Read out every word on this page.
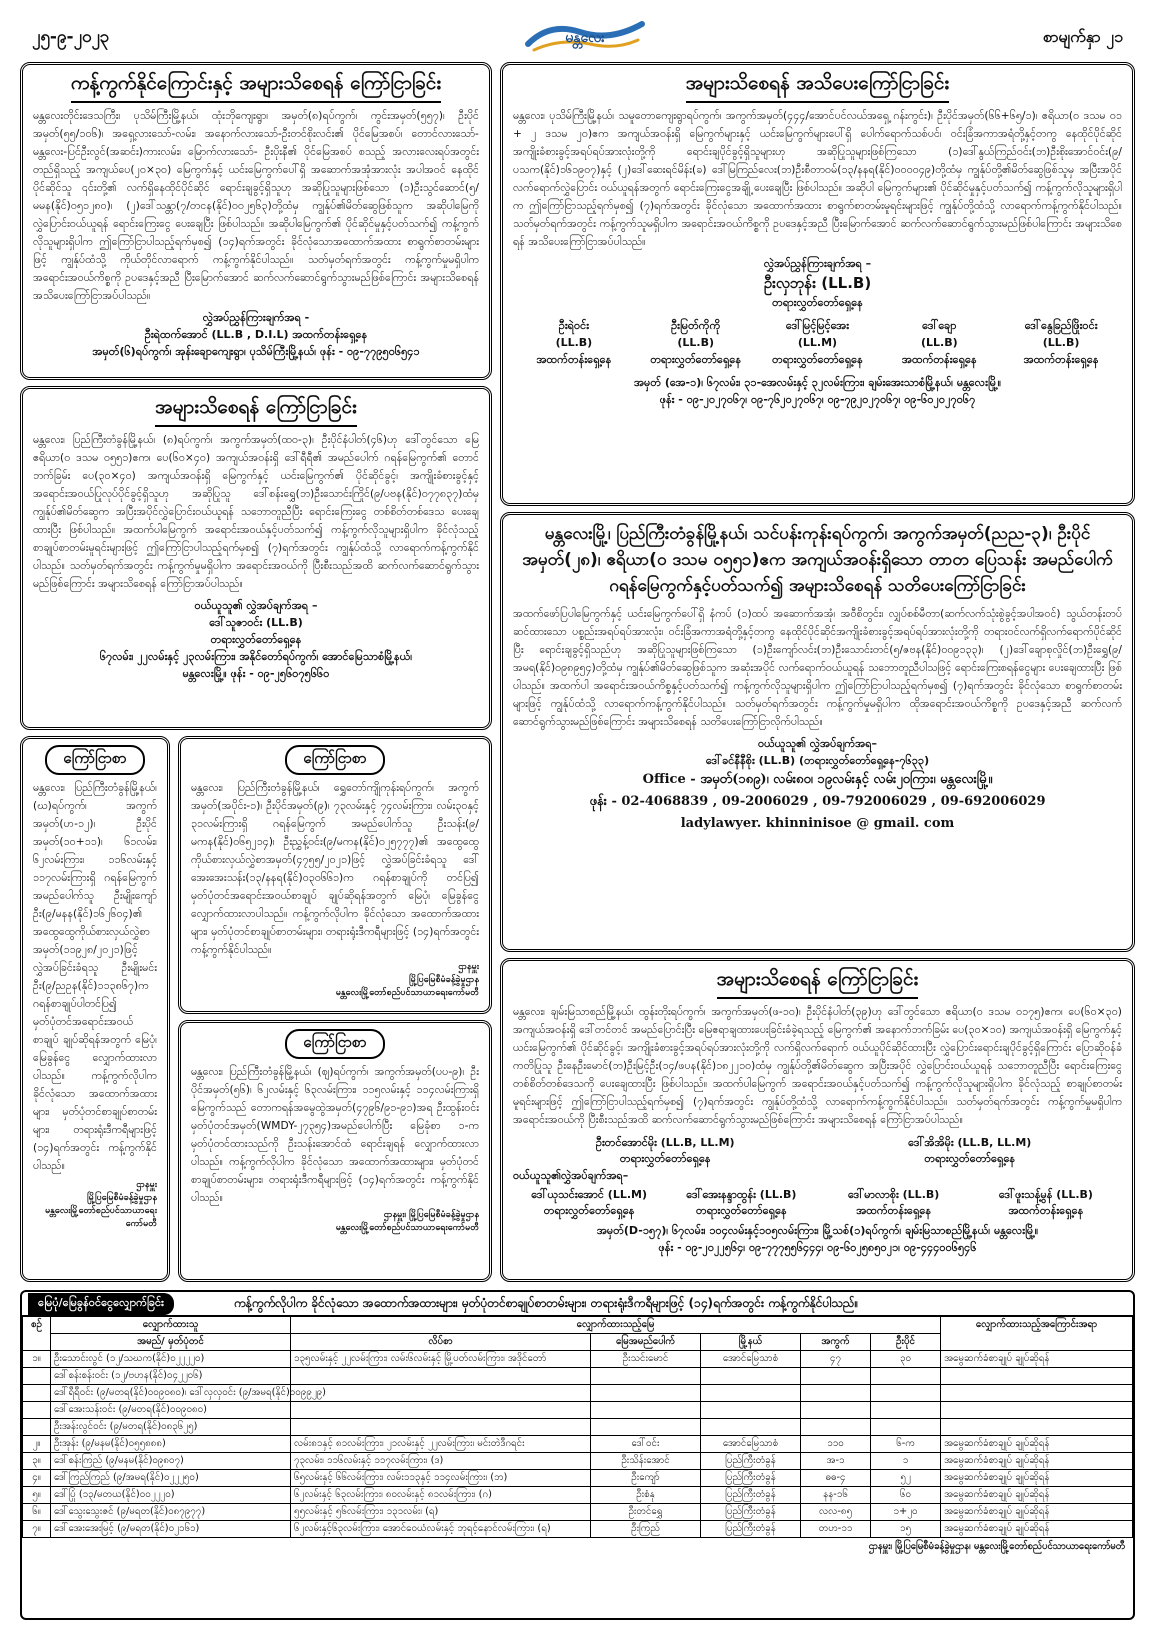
၂၅-၉-၂၀၂၃	မန္တလေး	စာမျက်နှာ ၂၁
ကန့်ကွက်နိုင်ကြောင်းနှင့် အများသိစေရန် ကြော်ငြာခြင်း
မန္တလေးတိုင်းဒေသကြီး၊ ပုသိမ်ကြီးမြို့နယ်၊ ထုံးဘိုကျေးရွာ၊ အမှတ်(၈)ရပ်ကွက်၊ ကွင်းအမှတ်(၅၅၇)၊ ဦးပိုင်အမှတ်(၅၅/၁၀၆)၊ အရှေ့လားသော်-လမ်း၊ အနောက်လားသော်-ဦးတင်စိုးလင်း၏ ပိုင်မြေအစပ်၊ တောင်လားသော်-မန္တလေး-ပြင်ဦးလွင်(အဆင်း)ကားလမ်း၊ မြောက်လားသော်- ဦးပိုးနီ၏ ပိုင်မြေအစပ် စသည့် အလားလေးရပ်အတွင်း တည်ရှိသည့် အကျယ်ပေ(၂၀×၃၀) မြေကွက်နှင့် ယင်းမြေကွက်ပေါ်ရှိ အဆောက်အအုံအားလုံး အပါအဝင် နေထိုင်ပိုင်ဆိုင်သူ ၎င်းတို့၏ လက်ရှိနေထိုင်ပိုင်ဆိုင် ရောင်းချခွင့်ရှိသူဟု အဆိုပြုသူများဖြစ်သော (၁)ဦးသွင်ဆောင်(၅/မမန(နိုင်)၀၅၁၂၈၀)၊ (၂)ဒေါ်သန္တာ(၇/တငန(နိုင်)၀၀၂၅၆၃)တို့ထံမှ ကျွန်ုပ်၏မိတ်ဆွေဖြစ်သူက အဆိုပါမြေကို လွှဲပြောင်းဝယ်ယူရန် ရောင်းကြေးငွေ ပေးချေပြီး ဖြစ်ပါသည်။ အဆိုပါမြေကွက်၏ ပိုင်ဆိုင်မှုနှင့်ပတ်သက်၍ ကန့်ကွက်လိုသူများရှိပါက ဤကြော်ငြာပါသည့်ရက်မှစ၍ (၁၄)ရက်အတွင်း ခိုင်လုံသောအထောက်အထား စာရွက်စာတမ်းများဖြင့် ကျွန်ုပ်ထံသို့ ကိုယ်တိုင်လာရောက် ကန့်ကွက်နိုင်ပါသည်။ သတ်မှတ်ရက်အတွင်း ကန့်ကွက်မှုမရှိပါက အရောင်းအဝယ်ကိစ္စကို ဥပဒေနှင့်အညီ ပြီးမြောက်အောင် ဆက်လက်ဆောင်ရွက်သွားမည်ဖြစ်ကြောင်း အများသိစေရန် အသိပေးကြော်ငြာအပ်ပါသည်။
လွှဲအပ်ညွှန်ကြားချက်အရ -
ဦးရဲထက်အောင် (LL.B , D.I.L) အထက်တန်းရှေ့နေ
အမှတ်(၆)ရပ်ကွက်၊ အုန်းချောကျေးရွာ၊ ပုသိမ်ကြီးမြို့နယ်၊ ဖုန်း - ၀၉-၇၇၉၅၀၆၅၄၁
အများသိစေရန် အသိပေးကြော်ငြာခြင်း
မန္တလေး၊ ပုသိမ်ကြီးမြို့နယ်၊ သမူတောကျေးရွာရပ်ကွက်၊ အကွက်အမှတ်(၄၄၄/အောင်ပင်လယ်အရှေ့ ဂန်းကွင်း)၊ ဦးပိုင်အမှတ်(၆၆+၆၅/၁)၊ ဧရိယာ(၀ ဒသမ ၀၁ + ၂ ဒသမ ၂၀)ဧက အကျယ်အဝန်းရှိ မြေကွက်များနှင့် ယင်းမြေကွက်များပေါ်ရှိ ပေါက်ရောက်သစ်ပင်၊ ဝင်းခြံအကာအရံတို့နှင့်တကွ နေထိုင်ပိုင်ဆိုင် အကျိုးခံစားခွင့်အရပ်ရပ်အားလုံးတို့ကို ရောင်းချပိုင်ခွင့်ရှိသူများဟု အဆိုပြုသူများဖြစ်ကြသော (၁)ဒေါ်နွယ်ကြည်ဝင်း(ဘ)ဦးစိုးအောင်ဝင်း(၉/ပသက(နိုင်)၁၆၁၉၀၇)နှင့် (၂)ဒေါ်ဆေးရင်မိန်း(ခ) ဒေါ်မြကြည်လေး(ဘ)ဦးစီတာဝမ်(၁၃/နနရ(နိုင်)၀၀၀၀၄၉)တို့ထံမှ ကျွန်ုပ်တို့၏မိတ်ဆွေဖြစ်သူမှ အပြီးအပိုင်လက်ရောက်လွှဲပြောင်း ဝယ်ယူရန်အတွက် ရောင်းကြေးငွေအချို့ ပေးချေပြီး ဖြစ်ပါသည်။ အဆိုပါ မြေကွက်များ၏ ပိုင်ဆိုင်မှုနှင့်ပတ်သက်၍ ကန့်ကွက်လိုသူများရှိပါက ဤကြော်ငြာသည့်ရက်မှစ၍ (၇)ရက်အတွင်း ခိုင်လုံသော အထောက်အထား စာရွက်စာတမ်းမူရင်းများဖြင့် ကျွန်ုပ်တို့ထံသို့ လာရောက်ကန့်ကွက်နိုင်ပါသည်။ သတ်မှတ်ရက်အတွင်း ကန့်ကွက်သူမရှိပါက အရောင်းအဝယ်ကိစ္စကို ဥပဒေနှင့်အညီ ပြီးမြောက်အောင် ဆက်လက်ဆောင်ရွက်သွားမည်ဖြစ်ပါကြောင်း အများသိစေရန် အသိပေးကြော်ငြာအပ်ပါသည်။
လွှဲအပ်ညွှန်ကြားချက်အရ –
ဦးလှဘုန်း (LL.B)
တရားလွှတ်တော်ရှေ့နေ
ဦးရဲဝင်း	ဦးမြတ်ကိုကို	ဒေါ်မြင့်မြင့်အေး	ဒေါ်ချော	ဒေါ်နွေခြည်ဖြိုးဝင်း
(LL.B)	(LL.B)	(LL.M)	(LL.B)	(LL.B)
အထက်တန်းရှေ့နေ	တရားလွှတ်တော်ရှေ့နေ	တရားလွှတ်တော်ရှေ့နေ	အထက်တန်းရှေ့နေ	အထက်တန်းရှေ့နေ
အမှတ် (အေ-၁)၊ ၆၇လမ်း၊ ၃၁-အေလမ်းနှင့် ၃၂လမ်းကြား၊ ချမ်းအေးသာစံမြို့နယ်၊ မန္တလေးမြို့။
ဖုန်း - ၀၉-၂၀၂၇၀၆၇၊ ၀၉-၇၆၂၀၂၇၀၆၇၊ ၀၉-၇၉၂၀၂၇၀၆၇၊ ၀၉-၆၀၂၀၂၇၀၆၇
အများသိစေရန် ကြော်ငြာခြင်း
မန္တလေး၊ ပြည်ကြီးတံခွန်မြို့နယ်၊ (၈)ရပ်ကွက်၊ အကွက်အမှတ်(ထဝ-၃)၊ ဦးပိုင်နံပါတ်(၄၆)ဟု ဒေါ်တွင်သော မြေဧရိယာ(၀ ဒသမ ၀၅၅၁)ဧက၊ ပေ(၆၀×၄၀) အကျယ်အဝန်းရှိ ဒေါ်ရီရီ၏ အမည်ပေါက် ဂရန်မြေကွက်၏ တောင်ဘက်ခြမ်း ပေ(၃၀×၄၀) အကျယ်အဝန်းရှိ မြေကွက်နှင့် ယင်းမြေကွက်၏ ပိုင်ဆိုင်ခွင့်၊ အကျိုးခံစားခွင့်နှင့် အရောင်းအဝယ်ပြုလုပ်ပိုင်ခွင့်ရှိသူဟု အဆိုပြုသူ ဒေါ်စန်းရွှေ(ဘ)ဦးသောင်းကြိုင်(၉/ပဗန(နိုင်)၀၇၇၈၃၇)ထံမှ ကျွန်ုပ်၏မိတ်ဆွေက အပြီးအပိုင်လွှဲပြောင်းဝယ်ယူရန် သဘောတူညီပြီး ရောင်းကြေးငွေ တစ်စိတ်တစ်ဒေသ ပေးချေထားပြီး ဖြစ်ပါသည်။ အထက်ပါမြေကွက် အရောင်းအဝယ်နှင့်ပတ်သက်၍ ကန့်ကွက်လိုသူများရှိပါက ခိုင်လုံသည့် စာချုပ်စာတမ်းမူရင်းများဖြင့် ဤကြော်ငြာပါသည့်ရက်မှစ၍ (၇)ရက်အတွင်း ကျွန်ုပ်ထံသို့ လာရောက်ကန့်ကွက်နိုင်ပါသည်။ သတ်မှတ်ရက်အတွင်း ကန့်ကွက်မှုမရှိပါက အရောင်းအဝယ်ကို ပြီးစီးသည်အထိ ဆက်လက်ဆောင်ရွက်သွားမည်ဖြစ်ကြောင်း အများသိစေရန် ကြော်ငြာအပ်ပါသည်။
ဝယ်ယူသူ၏ လွှဲအပ်ချက်အရ –
ဒေါ်သူဇာဝင်း (LL.B)
တရားလွှတ်တော်ရှေ့နေ
၆၇လမ်း၊ ၂၂လမ်းနှင့် ၂၃လမ်းကြား၊ အနိုင်တော်ရပ်ကွက်၊ အောင်မြေသာစံမြို့နယ်၊
မန္တလေးမြို့။ ဖုန်း - ၀၉-၂၅၆၀၇၅၆၆၀
မန္တလေးမြို့၊ ပြည်ကြီးတံခွန်မြို့နယ်၊ သင်ပန်းကုန်းရပ်ကွက်၊ အကွက်အမှတ်(ညည-၃)၊ ဦးပိုင်အမှတ်(၂၈)၊ ဧရိယာ(၀ ဒသမ ၀၅၅၁)ဧက အကျယ်အဝန်းရှိသော တာတ ပြေသန်း အမည်ပေါက် ဂရန်မြေကွက်နှင့်ပတ်သက်၍ အများသိစေရန် သတိပေးကြော်ငြာခြင်း
အထက်ဖော်ပြပါမြေကွက်နှင့် ယင်းမြေကွက်ပေါ်ရှိ နံကပ် (၁)ထပ် အဆောက်အအုံ၊ အဝီစိတွင်း၊ လျှပ်စစ်မီတာ(ဆက်လက်သုံးစွဲခွင့်အပါအဝင်) သွယ်တန်းတပ်ဆင်ထားသော ပစ္စည်းအရပ်ရပ်အားလုံး၊ ဝင်းခြံအကာအရံတို့နှင့်တကွ နေထိုင်ပိုင်ဆိုင်အကျိုးခံစားခွင့်အရပ်ရပ်အားလုံးတို့ကို တရားဝင်လက်ရှိလက်ရောက်ပိုင်ဆိုင်ပြီး ရောင်းချခွင့်ရှိသည်ဟု အဆိုပြုသူများဖြစ်ကြသော (၁)ဦးကျော်လင်း(ဘ)ဦးသောင်းတင်(၅/ဇဗန(နိုင်)၀၀၉၁၃၃)၊ (၂)ဒေါ်ချောစုလှိုင်(ဘ)ဦးရွှေ(၉/အမရ(နိုင်)၀၉၈၉၅၄)တို့ထံမှ ကျွန်ုပ်၏မိတ်ဆွေဖြစ်သူက အဆုံးအပိုင် လက်ရောက်ဝယ်ယူရန် သဘောတူညီပါသဖြင့် ရောင်းကြေးစရန်ငွေများ ပေးချေထားပြီး ဖြစ်ပါသည်။ အထက်ပါ အရောင်းအဝယ်ကိစ္စနှင့်ပတ်သက်၍ ကန့်ကွက်လိုသူများရှိပါက ဤကြော်ငြာပါသည့်ရက်မှစ၍ (၇)ရက်အတွင်း ခိုင်လုံသော စာရွက်စာတမ်းများဖြင့် ကျွန်ုပ်ထံသို့ လာရောက်ကန့်ကွက်နိုင်ပါသည်။ သတ်မှတ်ရက်အတွင်း ကန့်ကွက်မှုမရှိပါက ထိုအရောင်းအဝယ်ကိစ္စကို ဥပဒေနှင့်အညီ ဆက်လက်ဆောင်ရွက်သွားမည်ဖြစ်ကြောင်း အများသိစေရန် သတိပေးကြော်ငြာလိုက်ပါသည်။
ဝယ်ယူသူ၏ လွှဲအပ်ချက်အရ–
ဒေါ်ခင်နီနီစိုး (LL.B) (တရားလွှတ်တော်ရှေ့နေ-၇၆၃၃)
Office - အမှတ်(၁၈၉)၊ လမ်း၈၀၊ ၁၉လမ်းနှင့် လမ်း၂၀ကြား၊ မန္တလေးမြို့။
ဖုန်း - 02-4068839 , 09-2006029 , 09-792006029 , 09-692006029
ladylawyer. khinninisoe @ gmail. com
ကြော်ငြာစာ
မန္တလေး၊ ပြည်ကြီးတံခွန်မြို့နယ်၊ (ဃ)ရပ်ကွက်၊ အကွက်အမှတ်(ဟ-၁၂)၊ ဦးပိုင်အမှတ်(၁၀+၁၁)၊ ၆၁လမ်း၊ ၆၂လမ်းကြား၊ ၁၁၆လမ်းနှင့် ၁၁၇လမ်းကြားရှိ ဂရန်မြေကွက် အမည်ပေါက်သူ ဦးမျိုးကျော်ဦး(၉/မနန(နိုင်)၁၆၂၆၀၄)၏ အထွေထွေကိုယ်စားလှယ်လွှဲစာအမှတ်(၁၁၉၂၈/၂၀၂၁)ဖြင့် လွှဲအပ်ခြင်းခံရသူ ဦးမျိုးမင်းဦး(၉/ညဥန(နိုင်)၁၁၃၈၆၇)က ဂရန်စာချုပ်ပါတင်ပြ၍ မှတ်ပုံတင်အရောင်းအဝယ်စာချုပ် ချုပ်ဆိုရန်အတွက် မြေပုံ၊ မြေခွန်ငွေ လျှောက်ထားလာပါသည်။ ကန့်ကွက်လိုပါက ခိုင်လုံသော အထောက်အထားများ၊ မှတ်ပုံတင်စာချုပ်စာတမ်းများ၊ တရားရုံးဒီကရီများဖြင့် (၁၄)ရက်အတွင်း ကန့်ကွက်နိုင်ပါသည်။
ဌာနမှူး
မြို့ပြမြေစီမံခန့်ခွဲမှုဌာန
မန္တလေးမြို့တော်စည်ပင်သာယာရေးကော်မတီ
ကြော်ငြာစာ
မန္တလေး၊ ပြည်ကြီးတံခွန်မြို့နယ်၊ ရွှေတော်ကျိုကုန်းရပ်ကွက်၊ အကွက်အမှတ်(အပိုင်း-၁)၊ ဦးပိုင်အမှတ်(၉)၊ ၇၃လမ်းနှင့် ၇၄လမ်းကြား၊ လမ်း၃၀နှင့် ၃၁လမ်းကြားရှိ ဂရန်မြေကွက် အမည်ပေါက်သူ ဦးသန်း(၉/မကန(နိုင်)၀၆၅၂၁၄)၊ ဦးညွှန့်ဝင်း(၉/မကန(နိုင်)၀၂၅၇၇၇)၏ အထွေထွေကိုယ်စားလှယ်လွှဲစာအမှတ်(၄၇၅၅/၂၀၂၁)ဖြင့် လွှဲအပ်ခြင်းခံရသူ ဒေါ်အေးအေးသန်း(၁၃/နနရ(နိုင်)၀၃၀၆၆၁)က ဂရန်စာချုပ်ကို တင်ပြ၍ မှတ်ပုံတင်အရောင်းအဝယ်စာချုပ် ချုပ်ဆိုရန်အတွက် မြေပုံ၊ မြေခွန်ငွေ လျှောက်ထားလာပါသည်။ ကန့်ကွက်လိုပါက ခိုင်လုံသော အထောက်အထားများ၊ မှတ်ပုံတင်စာချုပ်စာတမ်းများ၊ တရားရုံးဒီကရီများဖြင့် (၁၄)ရက်အတွင်း ကန့်ကွက်နိုင်ပါသည်။
ဌာနမှူး
မြို့ပြမြေစီမံခန့်ခွဲမှုဌာန
မန္တလေးမြို့တော်စည်ပင်သာယာရေးကော်မတီ
ကြော်ငြာစာ
မန္တလေး၊ ပြည်ကြီးတံခွန်မြို့နယ်၊ (ဈ)ရပ်ကွက်၊ အကွက်အမှတ်(ပပ-၉)၊ ဦးပိုင်အမှတ်(၅၆)၊ ၆၂လမ်းနှင့် ၆၃လမ်းကြား၊ ၁၁၅လမ်းနှင့် ၁၁၄လမ်းကြားရှိ မြေကွက်သည် တောကရန်အမွေထွဲအမှတ်(၄၇၉၆/၉၁-၉၁)အရ ဦးထွန်းဝင်း မှတ်ပုံတင်အမှတ်(WMDY-၂၇၃၅၄)အမည်ပေါက်ပြီး မြေခုံစာ ၁-က မှတ်ပုံတင်ထားသည်ကို ဦးသန်းအောင်ထံ ရောင်းချရန် လျှောက်ထားလာပါသည်။ ကန့်ကွက်လိုပါက ခိုင်လုံသော အထောက်အထားများ၊ မှတ်ပုံတင်စာချုပ်စာတမ်းများ၊ တရားရုံးဒီကရီများဖြင့် (၁၄)ရက်အတွင်း ကန့်ကွက်နိုင်ပါသည်။
ဌာနမှူး၊ မြို့ပြမြေစီမံခန့်ခွဲမှုဌာန
မန္တလေးမြို့တော်စည်ပင်သာယာရေးကော်မတီ
အများသိစေရန် ကြော်ငြာခြင်း
မန္တလေး၊ ချမ်းမြသာစည်မြို့နယ်၊ ထွန်းတိုးရပ်ကွက်၊ အကွက်အမှတ်(ဖ-၁၀)၊ ဦးပိုင်နံပါတ်(၃၉)ဟု ဒေါ်တွင်သော ဧရိယာ(၀ ဒသမ ၀၁၇၅)ဧက၊ ပေ(၆၀×၃၀) အကျယ်အဝန်းရှိ ဒေါ်တင်တင် အမည်ပြောင်းပြီး မြေဧရာချထားပေးခြင်းခံခဲ့ရသည့် မြေကွက်၏ အနောက်ဘက်ခြမ်း ပေ(၃၀×၁၀) အကျယ်အဝန်းရှိ မြေကွက်နှင့် ယင်းမြေကွက်၏ ပိုင်ဆိုင်ခွင့်၊ အကျိုးခံစားခွင့်အရပ်ရပ်အားလုံးတို့ကို လက်ရှိလက်ရောက် ဝယ်ယူပိုင်ဆိုင်ထားပြီး လွှဲပြောင်းရောင်းချပိုင်ခွင့်ရှိကြောင်း ပြောဆိုဝန်ခံကတိပြုသူ ဦးနေဦးမောင်(ဘ)ဦးမြင့်ဦး(၁၄/ဖပန(နိုင်)၁၈၂၂၁၀)ထံမှ ကျွန်ုပ်တို့၏မိတ်ဆွေက အပြီးအပိုင် လွှဲပြောင်းဝယ်ယူရန် သဘောတူညီပြီး ရောင်းကြေးငွေ တစ်စိတ်တစ်ဒေသကို ပေးချေထားပြီး ဖြစ်ပါသည်။ အထက်ပါမြေကွက် အရောင်းအဝယ်နှင့်ပတ်သက်၍ ကန့်ကွက်လိုသူများရှိပါက ခိုင်လုံသည့် စာချုပ်စာတမ်းမူရင်းများဖြင့် ဤကြော်ငြာပါသည့်ရက်မှစ၍ (၇)ရက်အတွင်း ကျွန်ုပ်တို့ထံသို့ လာရောက်ကန့်ကွက်နိုင်ပါသည်။ သတ်မှတ်ရက်အတွင်း ကန့်ကွက်မှုမရှိပါက အရောင်းအဝယ်ကို ပြီးစီးသည်အထိ ဆက်လက်ဆောင်ရွက်သွားမည်ဖြစ်ကြောင်း အများသိစေရန် ကြော်ငြာအပ်ပါသည်။
ဦးတင်အောင်မိုး (LL.B, LL.M)	ဒေါ်အိအိမိုး (LL.B, LL.M)
တရားလွှတ်တော်ရှေ့နေ	တရားလွှတ်တော်ရှေ့နေ
ဝယ်ယူသူ၏လွှဲအပ်ချက်အရ–
ဒေါ်ယုသင်းအောင် (LL.M)	ဒေါ်အေးနန္ဒာထွန်း (LL.B)	ဒေါ်မာလာစိုး (LL.B)	ဒေါ်ဖူးသန့်မွန် (LL.B)
တရားလွှတ်တော်ရှေ့နေ	တရားလွှတ်တော်ရှေ့နေ	အထက်တန်းရှေ့နေ	အထက်တန်းရှေ့နေ
အမှတ်(D-၁၅၇)၊ ၆၇လမ်း၊ ၁၀၄လမ်းနှင့်၁၀၅လမ်းကြား၊ မြို့သစ်(၁)ရပ်ကွက်၊ ချမ်းမြသာစည်မြို့နယ်၊ မန္တလေးမြို့။
ဖုန်း - ၀၉-၂၀၂၂၅၆၄၊ ၀၉-၇၇၇၅၅၆၄၄၄၊ ၀၉-၆၀၂၅၈၅၀၂၁၊ ၀၉-၄၄၄၀၀၆၅၄၆
မြေပုံ/မြေခွန်ဝင်ငွေလျှောက်ခြင်း	ကန့်ကွက်လိုပါက ခိုင်လုံသော အထောက်အထားများ၊ မှတ်ပုံတင်စာချုပ်စာတမ်းများ၊ တရားရုံးဒီကရီများဖြင့် (၁၄)ရက်အတွင်း ကန့်ကွက်နိုင်ပါသည်။
စဉ်	လျှောက်ထားသူ	လျှောက်ထားသည့်မြေ					လျှောက်ထားသည့်အကြောင်းအရာ
	အမည်/ မှတ်ပုံတင်	လိပ်စာ	မြေအမည်ပေါက်	မြို့နယ်	အကွက်	ဦးပိုင်	
၁။	ဦးသောင်းလွင် (၁၂/သဃက(နိုင်)၀၂၂၂၂၀)	၁၃၅လမ်းနှင့် ၂၂လမ်းကြား၊ လမ်း၆လမ်းနှင့် မြို့ပတ်လမ်းကြား၊ အဒိုင်တော်	ဦးသင်းမောင်	အောင်မြေသာစံ	၄၇	၃၀	အမွေဆက်ခံစာချုပ် ချုပ်ဆိုရန်
	ဒေါ်စန်းစန်းဝင်း (၁၂/ဗဟန(နိုင်)၀၄၂၂၀၆)						
	ဒေါ်ရီရီဝင်း (၉/မတရ(နိုင်)၀၀၉၀၈၀)၊ ဒေါ်လှလှဝင်း (၉/အမရ(နိုင်)၀၀၉၉၂၉)						
	ဒေါ်အေးသန်းဝင်း (၉/မတရ(နိုင်)၀၀၉၀၈၀)						
	ဦးအန်းလွင်ဝင်း (၉/မတရ(နိုင်)၀၈၃၆၂၅)						
၂။	ဦးအုန်း (၉/မနမ(နိုင်)၀၅၅၈၈၈)	လမ်း၈၁နှင့် ၈၁လမ်းကြား၊ ၂၁လမ်းနှင့် ၂၂လမ်းကြား၊ မင်းတဲဒီဂရင်း	ဒေါ်ဝင်း	အောင်မြေသာစံ	၁၁၀	၆-က	အမွေဆက်ခံစာချုပ် ချုပ်ဆိုရန်
၃။	ဒေါ်စန်းကြည် (၉/မနမ(နိုင်)၀၉၈၀၇)	၇၃လမ်း၊ ၁၁၆လမ်းနှင့် ၁၁၇လမ်းကြား၊ (ဒ)	ဦးသိန်းအောင်	ပြည်ကြီးတံခွန်	အ-၁	၁	အမွေဆက်ခံစာချုပ် ချုပ်ဆိုရန်
၄။	ဒေါ်ကြည်ကြည် (၉/အမရ(နိုင်)၀၂၂၂၅၀)	၆၅လမ်းနှင့် ၆၆လမ်းကြား၊ လမ်း၁၁၃နှင့် ၁၁၄လမ်းကြား၊ (ဘ)	ဦးကျော်	ပြည်ကြီးတံခွန်	ဓဓ-၄	၅၂	အမွေဆက်ခံစာချုပ် ချုပ်ဆိုရန်
၅။	ဒေါ်ပြုံ (၁၃/မတယ(နိုင်)၀၀၂၂၂၀)	၆၂လမ်းနှင့် ၆၃လမ်းကြား၊ ၈၀လမ်းနှင့် ၈၁လမ်းကြား၊ (ဂ)	ဦးစံနု	ပြည်ကြီးတံခွန်	နန-၁၆	၆၀	အမွေဆက်ခံစာချုပ် ချုပ်ဆိုရန်
၆။	ဒေါ်သွေးသွေးဇင် (၉/မရတ(နိုင်)၀၈၇၉၇၇)	၅၅လမ်းနှင့် ၅၆လမ်းကြား၊ ၁၃၁လမ်း၊ (ရ)	ဦးတင်ရွှေ	ပြည်ကြီးတံခွန်	လလ-၈၅	၁+၂၀	အမွေဆက်ခံစာချုပ် ချုပ်ဆိုရန်
၇။	ဒေါ်အေးအေးမြင့် (၉/မရတ(နိုင်)၀၂၁၆၁)	၆၂လမ်းနှင့်၆၃လမ်းကြား၊ အောင်ဝေယံလမ်းနှင့် ဘုရင့်နောင်လမ်းကြား၊ (ရ)	ဦးကြည်	ပြည်ကြီးတံခွန်	တဟ-၁၁	၁၅	အမွေဆက်ခံစာချုပ် ချုပ်ဆိုရန်
ဌာနမှူး၊ မြို့ပြမြေစီမံခန့်ခွဲမှုဌာန၊ မန္တလေးမြို့တော်စည်ပင်သာယာရေးကော်မတီ
